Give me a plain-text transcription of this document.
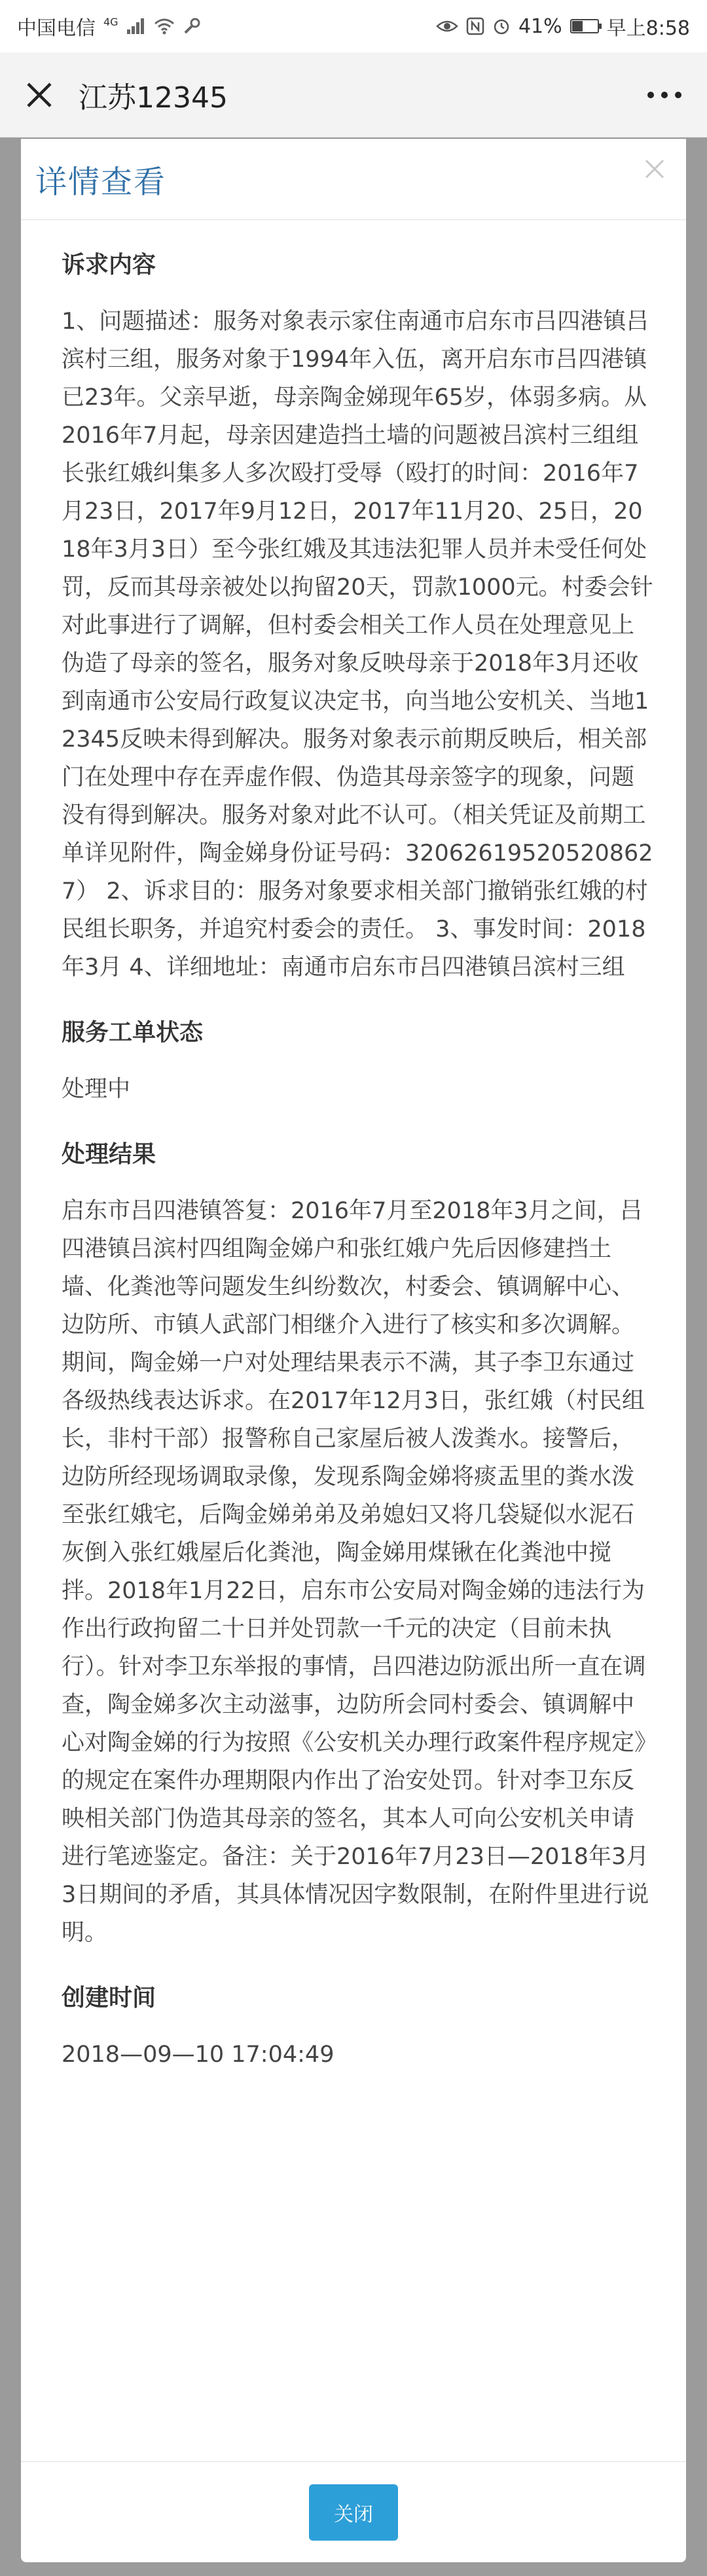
中国电信 4G	41% 早上8:58
江苏12345
详情查看

诉求内容

1、问题描述：服务对象表示家住南通市启东市吕四港镇吕滨村三组，服务对象于1994年入伍，离开启东市吕四港镇已23年。父亲早逝，母亲陶金娣现年65岁，体弱多病。从2016年7月起，母亲因建造挡土墙的问题被吕滨村三组组长张红娥纠集多人多次殴打受辱（殴打的时间：2016年7月23日，2017年9月12日，2017年11月20、25日，2018年3月3日）至今张红娥及其违法犯罪人员并未受任何处罚，反而其母亲被处以拘留20天，罚款1000元。村委会针对此事进行了调解，但村委会相关工作人员在处理意见上伪造了母亲的签名，服务对象反映母亲于2018年3月还收到南通市公安局行政复议决定书，向当地公安机关、当地12345反映未得到解决。服务对象表示前期反映后，相关部门在处理中存在弄虚作假、伪造其母亲签字的现象，问题没有得到解决。服务对象对此不认可。（相关凭证及前期工单详见附件，陶金娣身份证号码：320626195205208627） 2、诉求目的：服务对象要求相关部门撤销张红娥的村民组长职务，并追究村委会的责任。 3、事发时间：2018年3月 4、详细地址：南通市启东市吕四港镇吕滨村三组

服务工单状态

处理中

处理结果

启东市吕四港镇答复：2016年7月至2018年3月之间，吕四港镇吕滨村四组陶金娣户和张红娥户先后因修建挡土墙、化粪池等问题发生纠纷数次，村委会、镇调解中心、边防所、市镇人武部门相继介入进行了核实和多次调解。期间，陶金娣一户对处理结果表示不满，其子李卫东通过各级热线表达诉求。在2017年12月3日，张红娥（村民组长，非村干部）报警称自己家屋后被人泼粪水。接警后，边防所经现场调取录像，发现系陶金娣将痰盂里的粪水泼至张红娥宅，后陶金娣弟弟及弟媳妇又将几袋疑似水泥石灰倒入张红娥屋后化粪池，陶金娣用煤锹在化粪池中搅拌。2018年1月22日，启东市公安局对陶金娣的违法行为作出行政拘留二十日并处罚款一千元的决定（目前未执行）。针对李卫东举报的事情，吕四港边防派出所一直在调查，陶金娣多次主动滋事，边防所会同村委会、镇调解中心对陶金娣的行为按照《公安机关办理行政案件程序规定》的规定在案件办理期限内作出了治安处罚。针对李卫东反映相关部门伪造其母亲的签名，其本人可向公安机关申请进行笔迹鉴定。备注：关于2016年7月23日—2018年3月3日期间的矛盾，其具体情况因字数限制，在附件里进行说明。

创建时间

2018—09—10 17:04:49

关闭
